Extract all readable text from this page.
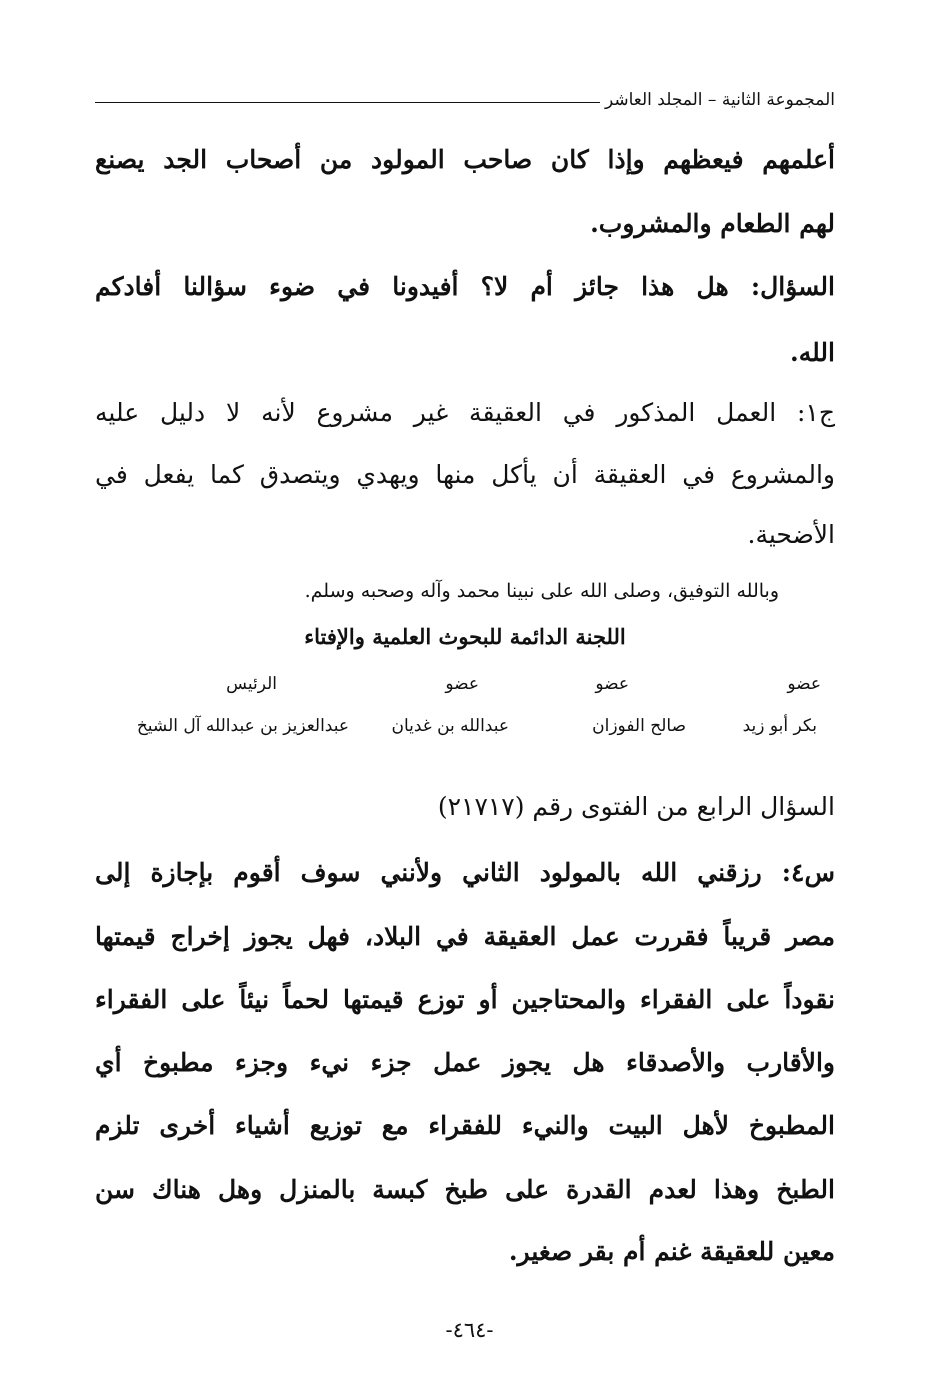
المجموعة الثانية – المجلد العاشر
أعلمهم فيعظهم وإذا كان صاحب المولود من أصحاب الجد يصنع
لهم الطعام والمشروب.
السؤال: هل هذا جائز أم لا؟ أفيدونا في ضوء سؤالنا أفادكم
الله.
ج١: العمل المذكور في العقيقة غير مشروع لأنه لا دليل عليه
والمشروع في العقيقة أن يأكل منها ويهدي ويتصدق كما يفعل في
الأضحية.
وبالله التوفيق، وصلى الله على نبينا محمد وآله وصحبه وسلم.
اللجنة الدائمة للبحوث العلمية والإفتاء
عضو
عضو
عضو
الرئيس
بكر أبو زيد
صالح الفوزان
عبدالله بن غديان
عبدالعزيز بن عبدالله آل الشيخ
السؤال الرابع من الفتوى رقم (٢١٧١٧)
س٤: رزقني الله بالمولود الثاني ولأنني سوف أقوم بإجازة إلى
مصر قريباً فقررت عمل العقيقة في البلاد، فهل يجوز إخراج قيمتها
نقوداً على الفقراء والمحتاجين أو توزع قيمتها لحماً نيئاً على الفقراء
والأقارب والأصدقاء هل يجوز عمل جزء نيء وجزء مطبوخ أي
المطبوخ لأهل البيت والنيء للفقراء مع توزيع أشياء أخرى تلزم
الطبخ وهذا لعدم القدرة على طبخ كبسة بالمنزل وهل هناك سن
معين للعقيقة غنم أم بقر صغير.
-٤٦٤-
